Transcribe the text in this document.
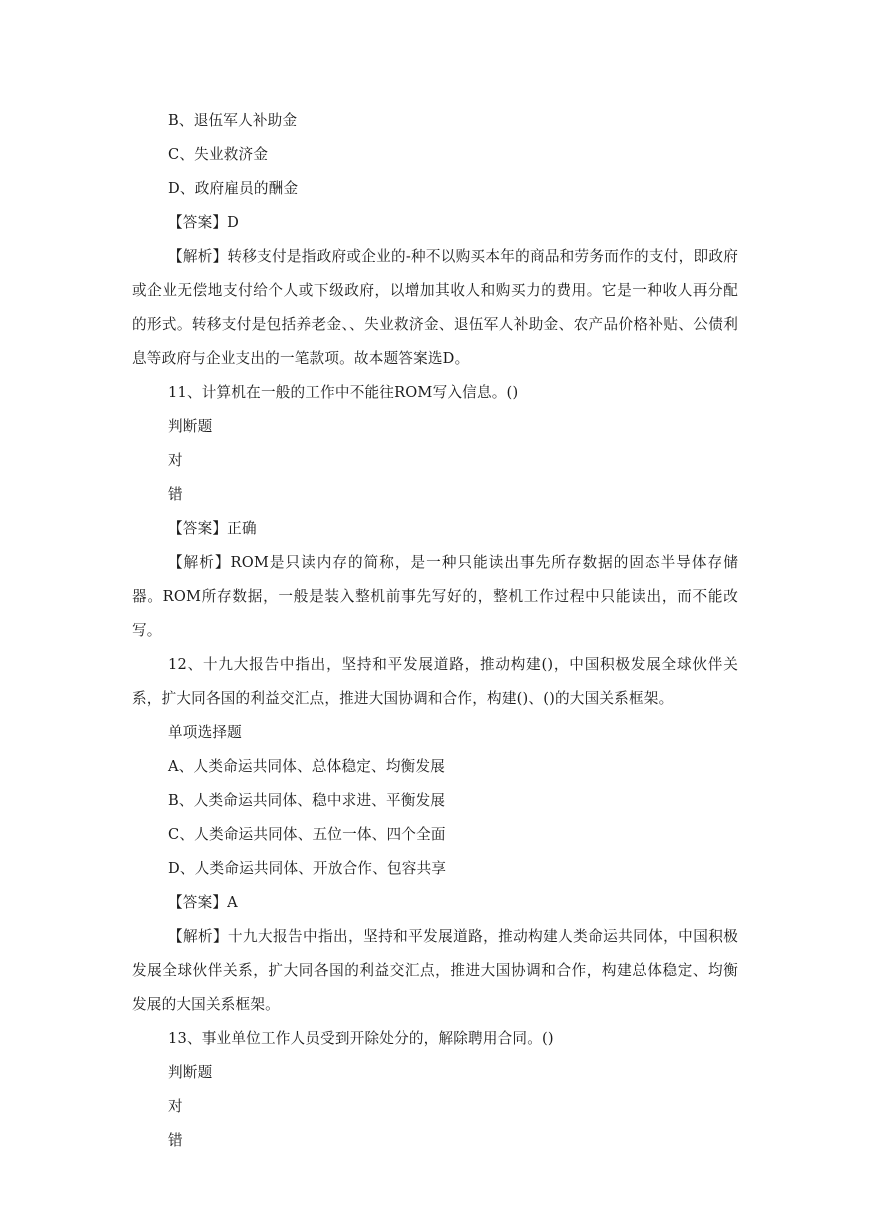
B、退伍军人补助金

C、失业救济金

D、政府雇员的酬金

【答案】D

【解析】转移支付是指政府或企业的-种不以购买本年的商品和劳务而作的支付，即政府或企业无偿地支付给个人或下级政府，以增加其收人和购买力的费用。它是一种收人再分配的形式。转移支付是包括养老金、、失业救济金、退伍军人补助金、农产品价格补贴、公债利息等政府与企业支出的一笔款项。故本题答案选D。

11、计算机在一般的工作中不能往ROM写入信息。()

判断题

对

错

【答案】正确

【解析】ROM是只读内存的简称，是一种只能读出事先所存数据的固态半导体存储器。ROM所存数据，一般是装入整机前事先写好的，整机工作过程中只能读出，而不能改写。

12、十九大报告中指出，坚持和平发展道路，推动构建()，中国积极发展全球伙伴关系，扩大同各国的利益交汇点，推进大国协调和合作，构建()、()的大国关系框架。

单项选择题

A、人类命运共同体、总体稳定、均衡发展

B、人类命运共同体、稳中求进、平衡发展

C、人类命运共同体、五位一体、四个全面

D、人类命运共同体、开放合作、包容共享

【答案】A

【解析】十九大报告中指出，坚持和平发展道路，推动构建人类命运共同体，中国积极发展全球伙伴关系，扩大同各国的利益交汇点，推进大国协调和合作，构建总体稳定、均衡发展的大国关系框架。

13、事业单位工作人员受到开除处分的，解除聘用合同。()

判断题

对

错
